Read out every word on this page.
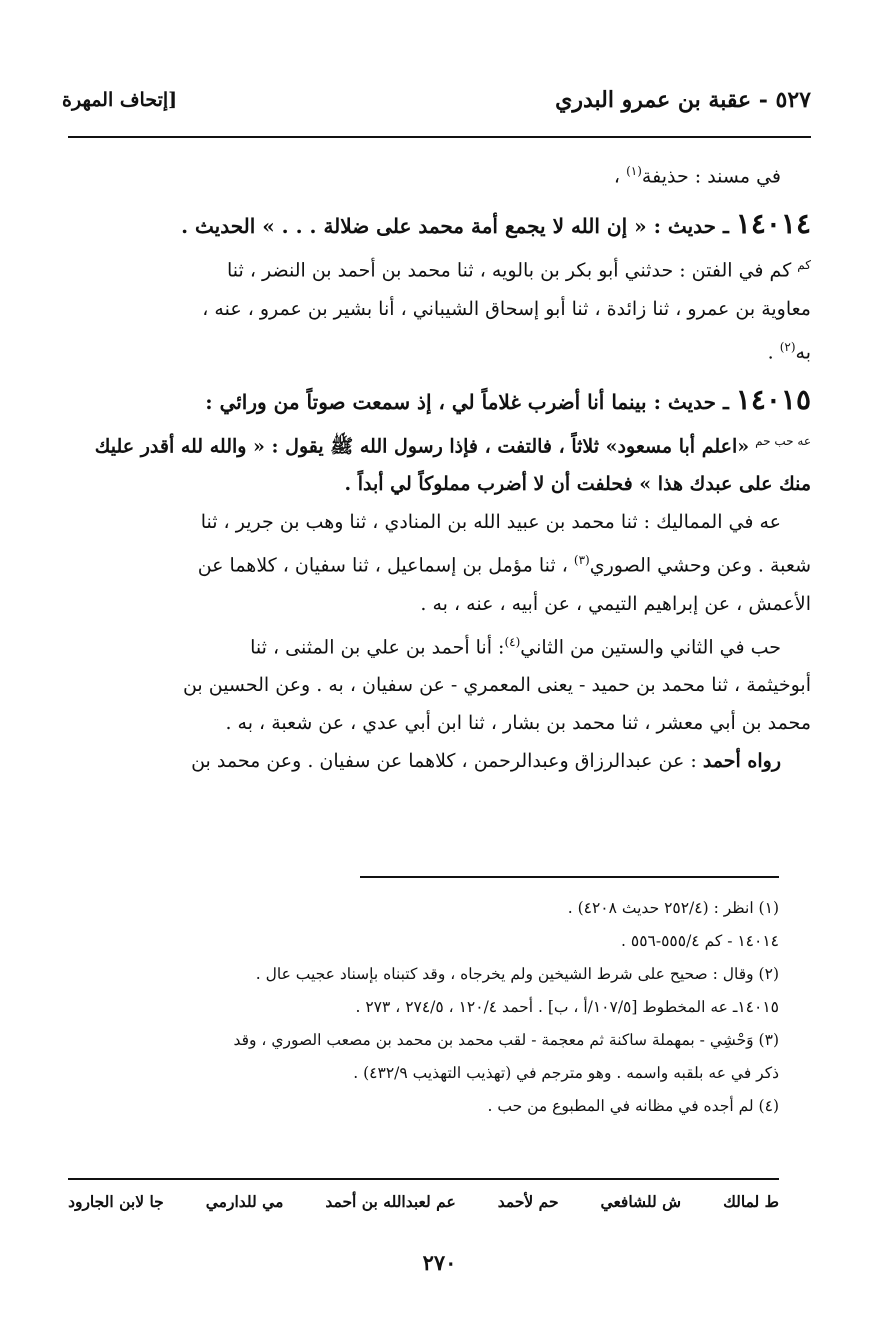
٥٢٧ - عقبة بن عمرو البدري
[إتحاف المهرة

في مسند : حذيفة$^{(١)}$ ،

١٤٠١٤ ـ حديث : « إن الله لا يجمع أمة محمد على ضلالة . . . » الحديث .

$^{كم}$ كم في الفتن : حدثني أبو بكر بن بالويه ، ثنا محمد بن أحمد بن النضر ، ثنا

معاوية بن عمرو ، ثنا زائدة ، ثنا أبو إسحاق الشيباني ، أنا بشير بن عمرو ، عنه ،

به$^{(٢)}$ .

١٤٠١٥ ـ حديث : بينما أنا أضرب غلاماً لي ، إذ سمعت صوتاً من ورائي :

$^{عه حب حم}$ «اعلم أبا مسعود» ثلاثاً ، فالتفت ، فإذا رسول الله ﷺ يقول : « والله لله أقدر عليك

منك على عبدك هذا » فحلفت أن لا أضرب مملوكاً لي أبداً .

عه في المماليك : ثنا محمد بن عبيد الله بن المنادي ، ثنا وهب بن جرير ، ثنا

شعبة . وعن وحشي الصوري$^{(٣)}$ ، ثنا مؤمل بن إسماعيل ، ثنا سفيان ، كلاهما عن

الأعمش ، عن إبراهيم التيمي ، عن أبيه ، عنه ، به .

حب في الثاني والستين من الثاني$^{(٤)}$: أنا أحمد بن علي بن المثنى ، ثنا

أبوخيثمة ، ثنا محمد بن حميد - يعنى المعمري - عن سفيان ، به . وعن الحسين بن

محمد بن أبي معشر ، ثنا محمد بن بشار ، ثنا ابن أبي عدي ، عن شعبة ، به .

رواه أحمد : عن عبدالرزاق وعبدالرحمن ، كلاهما عن سفيان . وعن محمد بن

(١) انظر : (٢٥٢/٤ حديث ٤٢٠٨) .

١٤٠١٤ - كم ٥٥٥/٤-٥٥٦ .

(٢) وقال : صحيح على شرط الشيخين ولم يخرجاه ، وقد كتبناه بإسناد عجيب عال .

١٤٠١٥ـ عه المخطوط [١٠٧/٥/أ ، ب] . أحمد ١٢٠/٤ ، ٢٧٤/٥ ، ٢٧٣ .

(٣) وَحْشِي - بمهملة ساكنة ثم معجمة - لقب محمد بن محمد بن مصعب الصوري ، وقد

ذكر في عه بلقبه واسمه . وهو مترجم في (تهذيب التهذيب ٤٣٢/٩) .

(٤) لم أجده في مظانه في المطبوع من حب .

ط لمالك
ش للشافعي
حم لأحمد
عم لعبدالله بن أحمد
مي للدارمي
جا لابن الجارود
٢٧٠
